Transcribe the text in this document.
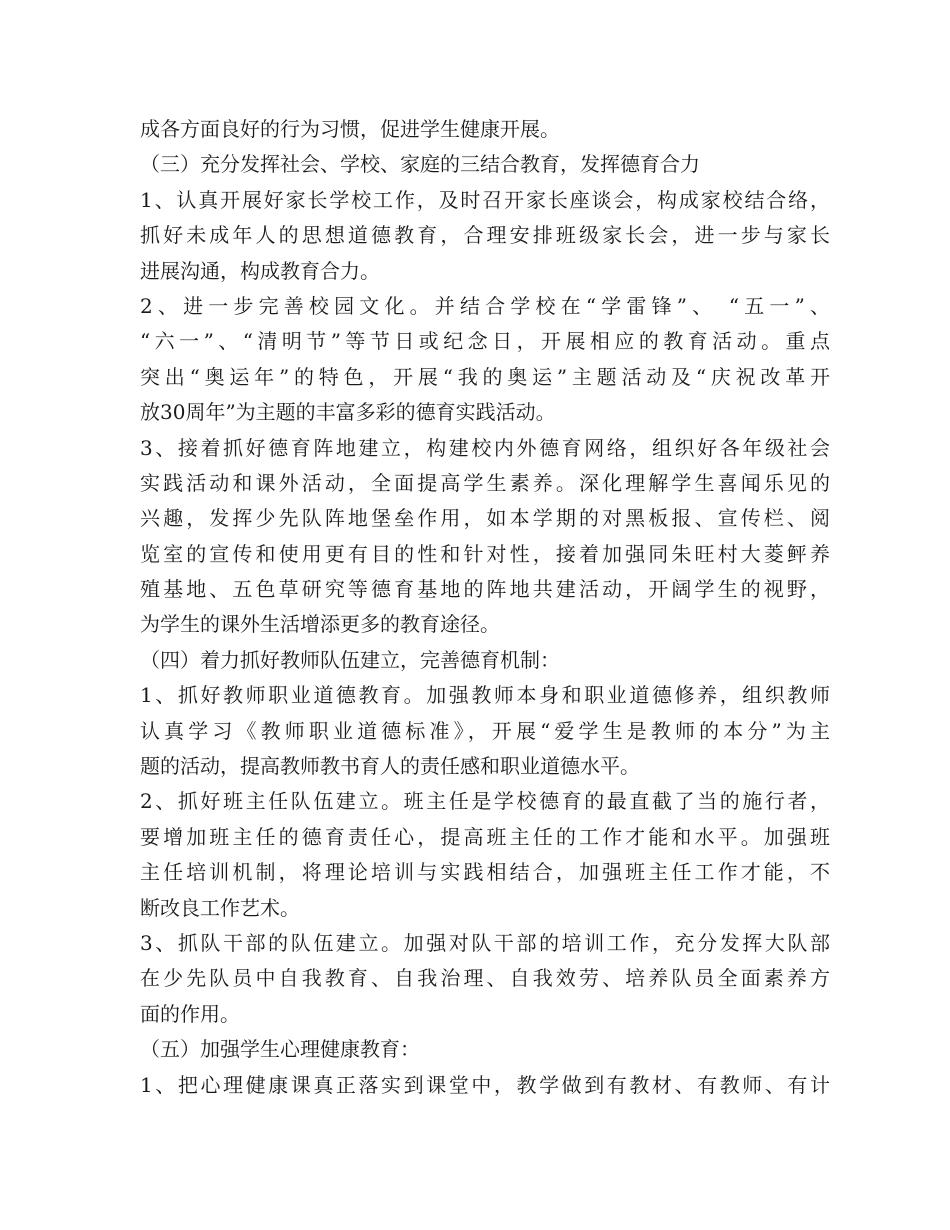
成各方面良好的行为习惯，促进学生健康开展。

（三）充分发挥社会、学校、家庭的三结合教育，发挥德育合力

1、认真开展好家长学校工作，及时召开家长座谈会，构成家校结合络，

抓好未成年人的思想道德教育，合理安排班级家长会，进一步与家长

进展沟通，构成教育合力。

2、进一步完善校园文化。并结合学校在“学雷锋”、 “五一”、

“六一”、“清明节”等节日或纪念日，开展相应的教育活动。重点

突出“奥运年”的特色，开展“我的奥运”主题活动及“庆祝改革开

放30周年”为主题的丰富多彩的德育实践活动。

3、接着抓好德育阵地建立，构建校内外德育网络，组织好各年级社会

实践活动和课外活动，全面提高学生素养。深化理解学生喜闻乐见的

兴趣，发挥少先队阵地堡垒作用，如本学期的对黑板报、宣传栏、阅

览室的宣传和使用更有目的性和针对性，接着加强同朱旺村大菱鲆养

殖基地、五色草研究等德育基地的阵地共建活动，开阔学生的视野，

为学生的课外生活增添更多的教育途径。

（四）着力抓好教师队伍建立，完善德育机制：

1、抓好教师职业道德教育。加强教师本身和职业道德修养，组织教师

认真学习《教师职业道德标准》，开展“爱学生是教师的本分”为主

题的活动，提高教师教书育人的责任感和职业道德水平。

2、抓好班主任队伍建立。班主任是学校德育的最直截了当的施行者，

要增加班主任的德育责任心，提高班主任的工作才能和水平。加强班

主任培训机制，将理论培训与实践相结合，加强班主任工作才能，不

断改良工作艺术。

3、抓队干部的队伍建立。加强对队干部的培训工作，充分发挥大队部

在少先队员中自我教育、自我治理、自我效劳、培养队员全面素养方

面的作用。

（五）加强学生心理健康教育：

1、把心理健康课真正落实到课堂中，教学做到有教材、有教师、有计
